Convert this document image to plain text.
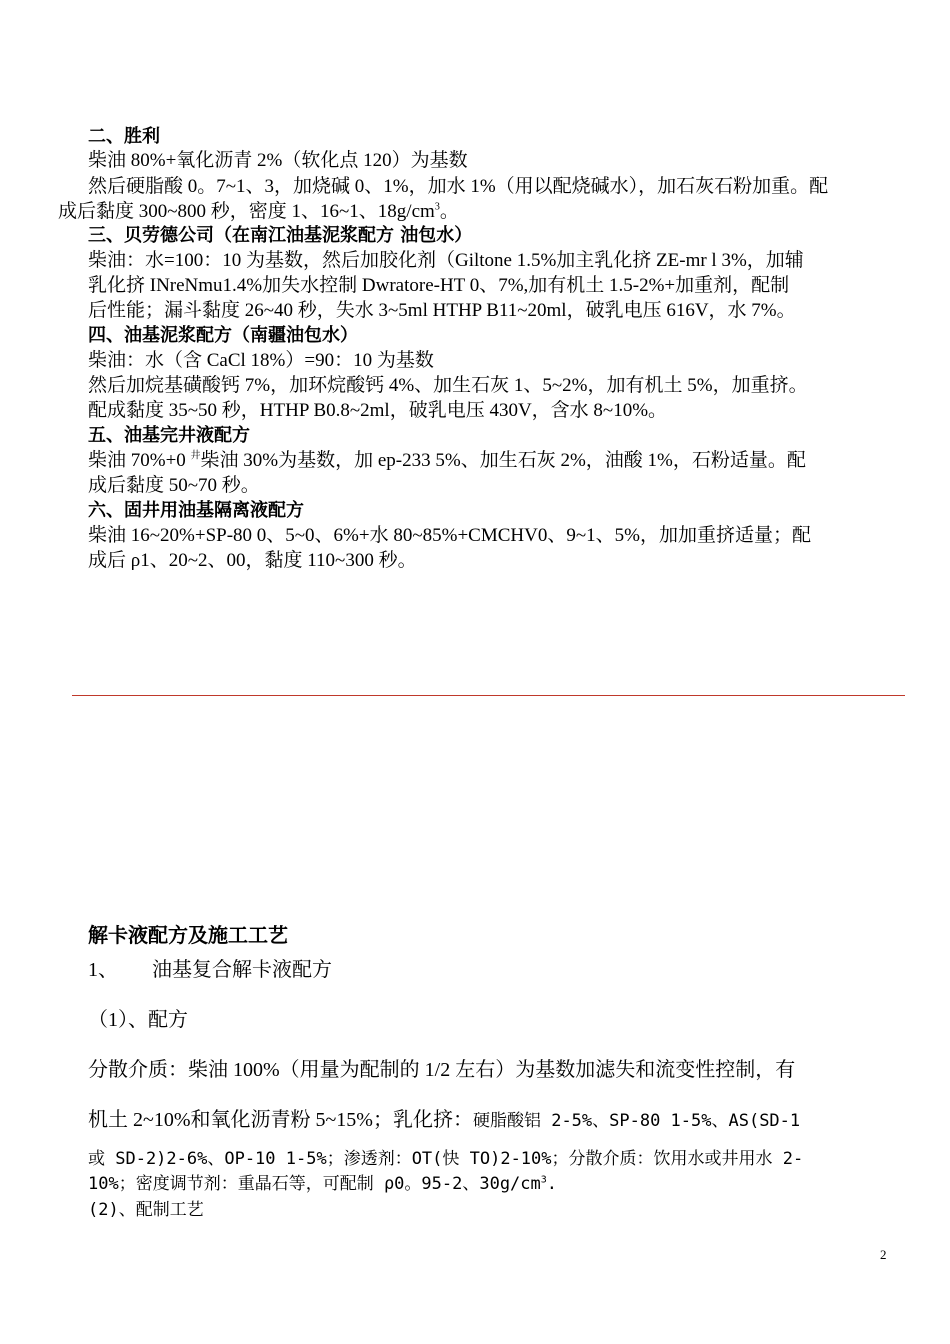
二、胜利
柴油 80%+氧化沥青 2%（软化点 120）为基数
然后硬脂酸 0。7~1、3，加烧碱 0、1%，加水 1%（用以配烧碱水），加石灰石粉加重。配
成后黏度 300~800 秒，密度 1、16~1、$18g/cm^3$。
三、贝劳德公司（在南江油基泥浆配方 油包水）
柴油：水=100：10 为基数，然后加胶化剂（Giltone 1.5%加主乳化挤 ZE-mr l 3%，加辅
乳化挤 INreNmu1.4%加失水控制 Dwratore-HT 0、7%,加有机土 1.5-2%+加重剂，配制
后性能；漏斗黏度 26~40 秒，失水 3~5ml HTHP B11~20ml，破乳电压 616V，水 7%。
四、油基泥浆配方（南疆油包水）
柴油：水（含 CaCl 18%）=90：10 为基数
然后加烷基磺酸钙 7%，加环烷酸钙 4%、加生石灰 1、5~2%，加有机土 5%，加重挤。
配成黏度 35~50 秒，HTHP B0.8~2ml，破乳电压 430V，含水 8~10%。
五、油基完井液配方
柴油 70%+0 $^井$柴油 30%为基数，加 ep-233 5%、加生石灰 2%，油酸 1%，石粉适量。配
成后黏度 50~70 秒。
六、固井用油基隔离液配方
柴油 16~20%+SP-80 0、5~0、6%+水 80~85%+CMCHV0、9~1、5%，加加重挤适量；配
成后 ρ1、20~2、00，黏度 110~300 秒。
解卡液配方及施工工艺
1、 油基复合解卡液配方
（1）、配方
分散介质：柴油 100%（用量为配制的 1/2 左右）为基数加滤失和流变性控制，有
机土 2~10%和氧化沥青粉 5~15%；乳化挤：硬脂酸铝 2-5%、SP-80 1-5%、AS(SD-1
或 SD-2)2-6%、OP-10 1-5%；渗透剂：OT(快 TO)2-10%；分散介质：饮用水或井用水 2-
10%；密度调节剂：重晶石等，可配制 ρ0。95-2、$30g/cm^3$.
(2)、配制工艺
2
